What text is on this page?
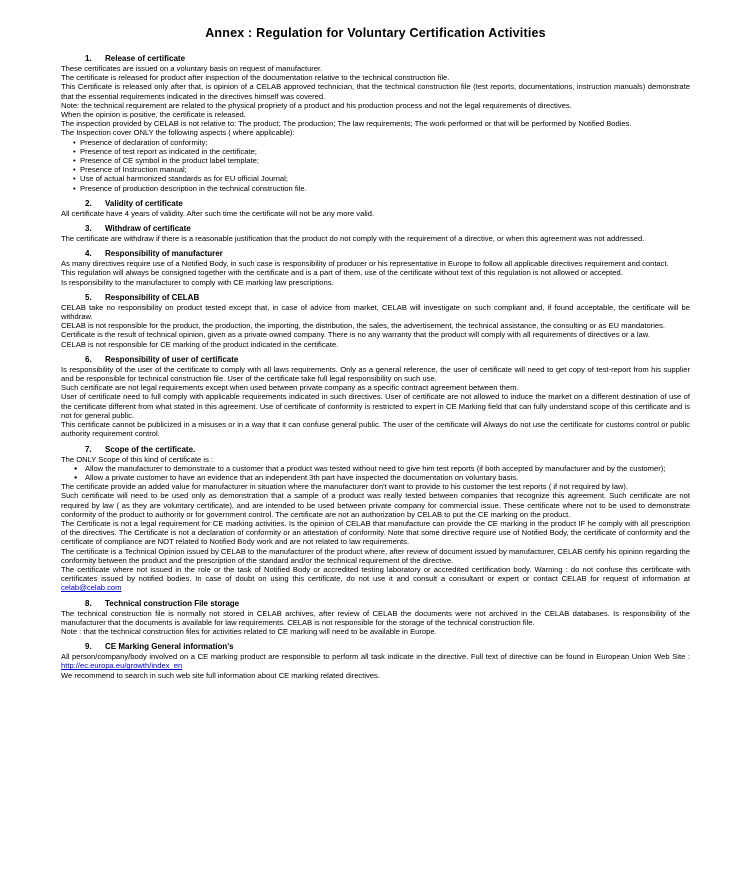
Annex : Regulation for Voluntary Certification Activities
1. Release of certificate

These certificates are issued on a voluntary basis on request of manufacturer.

The certificate is released for product after inspection of the documentation relative to the technical construction file.

This Certificate is released only after that, is opinion of a CELAB approved technician, that the technical construction file (test reports, documentations, instruction manuals) demonstrate that the essential requirements indicated in the directives himself was covered.

Note: the technical requirement are related to the physical propriety of a product and his production process and not the legal requirements of directives.

When the opinion is positive, the certificate is released.

The inspection provided by CELAB is not relative to: The product; The production; The law requirements; The work performed or that will be performed by Notified Bodies.

The Inspection cover ONLY the following aspects ( where applicable):

• Presence of declaration of conformity;
• Presence of test report as indicated in the certificate;
• Presence of CE symbol in the product label template;
• Presence of Instruction manual;
• Use of actual harmonized standards as for EU official Journal;
• Presence of production description in the technical construction file.
2. Validity of certificate

All certificate have 4 years of validity. After such time the certificate will not be any more valid.

3. Withdraw of certificate

The certificate are withdraw if there is a reasonable justification that the product do not comply with the requirement of a directive, or when this agreement was not addressed.

4. Responsibility of manufacturer

As many directives require use of a Notified Body, in such case is responsibility of producer or his representative in Europe to follow all applicable directives requirement and contact.

This regulation will always be consigned together with the certificate and is a part of them, use of the certificate without text of this regulation is not allowed or accepted.

Is responsibility to the manufacturer to comply with CE marking law prescriptions.

5. Responsibility of CELAB

CELAB take no responsibility on product tested except that, in case of advice from market, CELAB will investigate on such compliant and, if found acceptable, the certificate will be withdraw.

CELAB is not responsible for the product, the production, the importing, the distribution, the sales, the advertisement, the technical assistance, the consulting or as EU mandatories.

Certificate is the result of technical opinion, given as a private owned company. There is no any warranty that the product will comply with all requirements of directives or a law.

CELAB is not responsible for CE marking of the product indicated in the certificate.

6. Responsibility of user of certificate

Is responsibility of the user of the certificate to comply with all laws requirements. Only as a general reference, the user of certificate will need to get copy of test-report from his supplier and be responsible for technical construction file. User of the certificate take full legal responsibility on such use.

Such certificate are not legal requirements except when used between private company as a specific contract agreement between them.

User of certificate need to full comply with applicable requirements indicated in such directives. User of certificate are not allowed to induce the market on a different destination of use of the certificate different from what stated in this agreement. Use of certificate of conformity is restricted to expert in CE Marking field that can fully understand scope of this certificate and is not for general public.

This certificate cannot be publicized in a misuses or in a way that it can confuse general public. The user of the certificate will Always do not use the certificate for customs control or public authority requirement control.

7. Scope of the certificate.

The ONLY Scope of this kind of certificate is :

● Allow the manufacturer to demonstrate to a customer that a product was tested without need to give him test reports (if both accepted by manufacturer and by the customer);
● Allow a private customer to have an evidence that an independent 3th part have inspected the documentation on voluntary basis.

The certificate provide an added value for manufacturer in situation where the manufacturer don't want to provide to his customer the test reports ( if not required by law).

Such certificate will need to be used only as demonstration that a sample of a product was really tested between companies that recognize this agreement. Such certificate are not required by law ( as they are voluntary certificate), and are intended to be used between private company for commercial issue. These certificate where not to be used to demonstrate conformity of the product to authority or for government control. The certificate are not an authorization by CELAB to put the CE marking on the product.

The Certificate is not a legal requirement for CE marking activities. Is the opinion of CELAB that manufacture can provide the CE marking in the product IF he comply with all prescription of the directives. The Certificate is not a declaration of conformity or an attestation of conformity. Note that some directive require use of Notified Body, the certificate of conformity and the certificate of compliance are NOT related to Notified Body work and are not related to law requirements.

The certificate is a Technical Opinion issued by CELAB to the manufacturer of the product where, after review of document issued by manufacturer, CELAB certify his opinion regarding the conformity between the product and the prescription of the standard and/or the technical requirement of the directive.

The certificate where not issued in the role or the task of Notified Body or accredited testing laboratory or accredited certification body. Warning : do not confuse this certificate with certificates issued by notified bodies. In case of doubt on using this certificate, do not use it and consult a consultant or expert or contact CELAB for request of information at celab@celab.com

8. Technical construction File storage

The technical construction file is normally not stored in CELAB archives, after review of CELAB the documents were not archived in the CELAB databases. Is responsibility of the manufacturer that the documents is available for law requirements. CELAB is not responsible for the storage of the technical construction file.

Note : that the technical construction files for activities related to CE marking will need to be available in Europe.

9. CE Marking General information's

All person/company/body involved on a CE marking product are responsible to perform all task indicate in the directive. Full text of directive can be found in European Union Web Site : http://ec.europa.eu/growth/index_en

We recommend to search in such web site full information about CE marking related directives.
